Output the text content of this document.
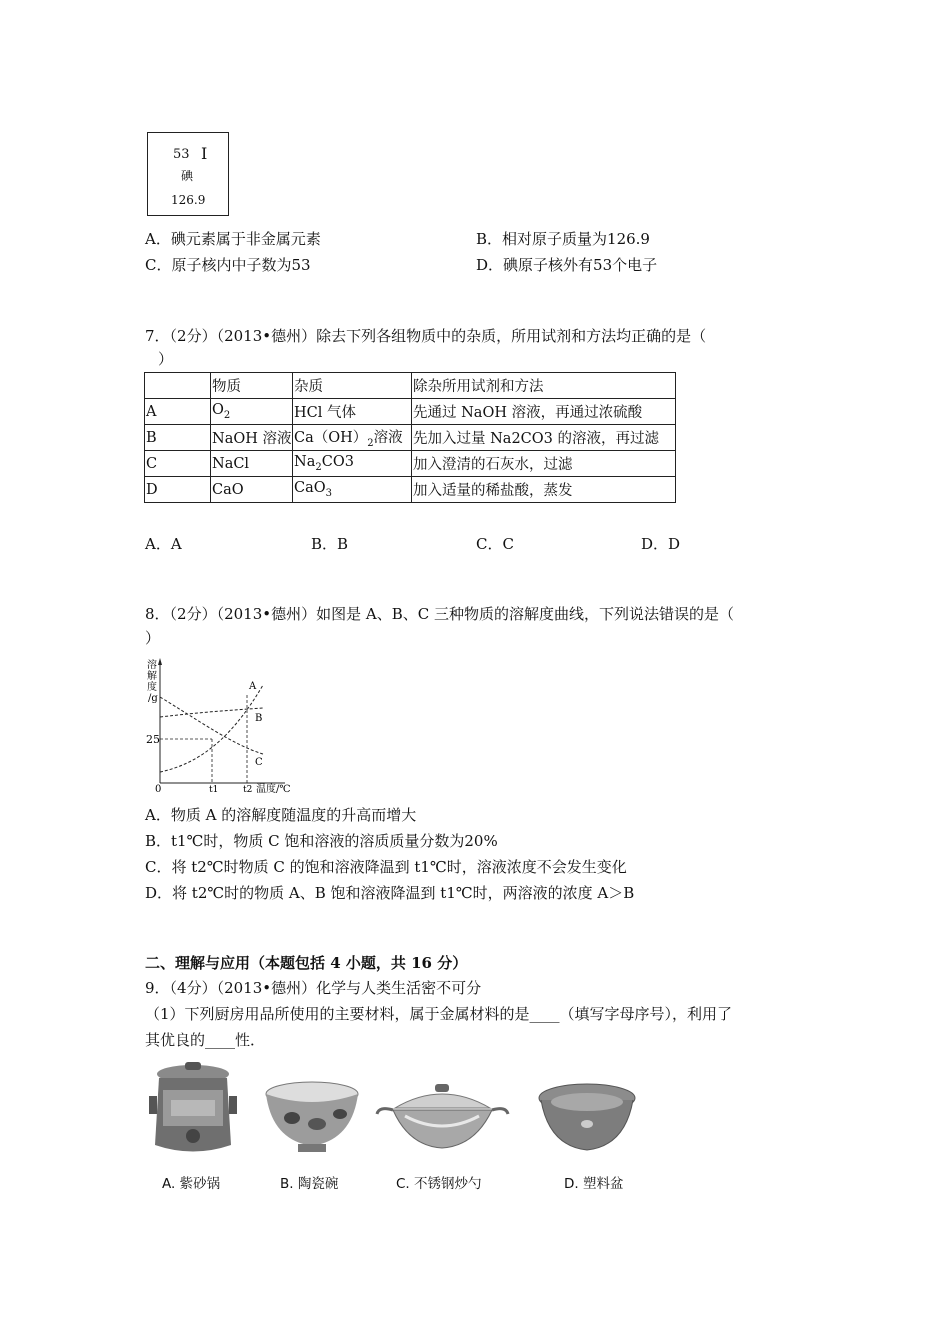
53 I
碘
126.9
A．碘元素属于非金属元素	B．相对原子质量为126.9
C．原子核内中子数为53	D．碘原子核外有53个电子
7．（2分）（2013•德州）除去下列各组物质中的杂质，所用试剂和方法均正确的是（
）
	物质	杂质	除杂所用试剂和方法
A	$O_2$	HCl 气体	先通过 NaOH 溶液，再通过浓硫酸
B	NaOH 溶液	$Ca(OH)_2$溶液	先加入过量 Na2CO3 的溶液，再过滤
C	NaCl	$Na_2CO3$	加入澄清的石灰水，过滤
D	CaO	CaO$_3$	加入适量的稀盐酸，蒸发
A．A	B．B	C．C	D．D
8．（2分）（2013•德州）如图是 A、B、C 三种物质的溶解度曲线，下列说法错误的是（
）
溶解度/g
25
0	t1	t2 温度/℃
A
B
C
A．物质 A 的溶解度随温度的升高而增大
B．t1℃时，物质 C 饱和溶液的溶质质量分数为20%
C．将 t2℃时物质 C 的饱和溶液降温到 t1℃时，溶液浓度不会发生变化
D．将 t2℃时的物质 A、B 饱和溶液降温到 t1℃时，两溶液的浓度 A＞B
二、理解与应用（本题包括 4 小题，共 16 分）
9．（4分）（2013•德州）化学与人类生活密不可分
（1）下列厨房用品所使用的主要材料，属于金属材料的是____（填写字母序号），利用了
其优良的____性．
A. 紫砂锅	B. 陶瓷碗	C. 不锈钢炒勺	D. 塑料盆
